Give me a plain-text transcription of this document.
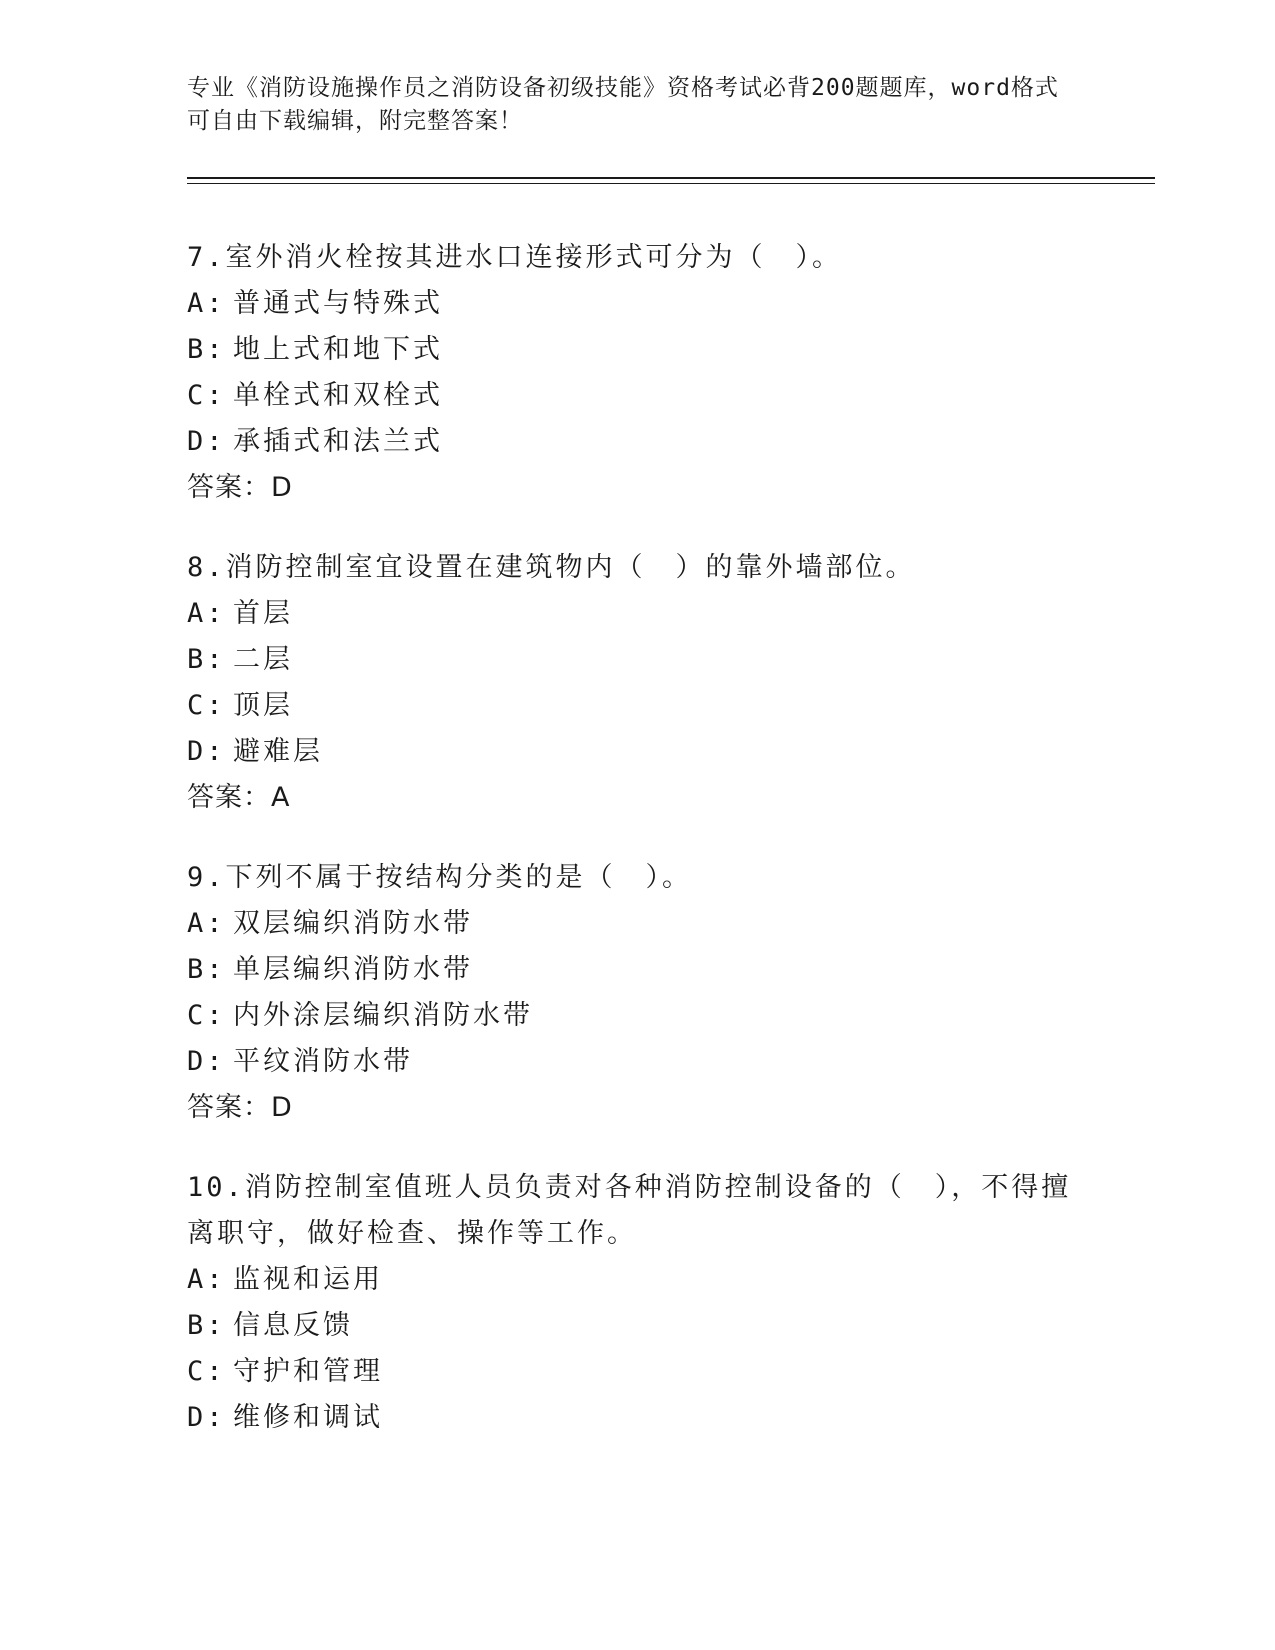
专业《消防设施操作员之消防设备初级技能》资格考试必背200题题库，word格式可自由下载编辑，附完整答案！
7.室外消火栓按其进水口连接形式可分为（　）。
A: 普通式与特殊式
B: 地上式和地下式
C: 单栓式和双栓式
D: 承插式和法兰式
答案：D
8.消防控制室宜设置在建筑物内（　）的靠外墙部位。
A: 首层
B: 二层
C: 顶层
D: 避难层
答案：A
9.下列不属于按结构分类的是（　）。
A: 双层编织消防水带
B: 单层编织消防水带
C: 内外涂层编织消防水带
D: 平纹消防水带
答案：D
10.消防控制室值班人员负责对各种消防控制设备的（　），不得擅离职守，做好检查、操作等工作。
A: 监视和运用
B: 信息反馈
C: 守护和管理
D: 维修和调试
